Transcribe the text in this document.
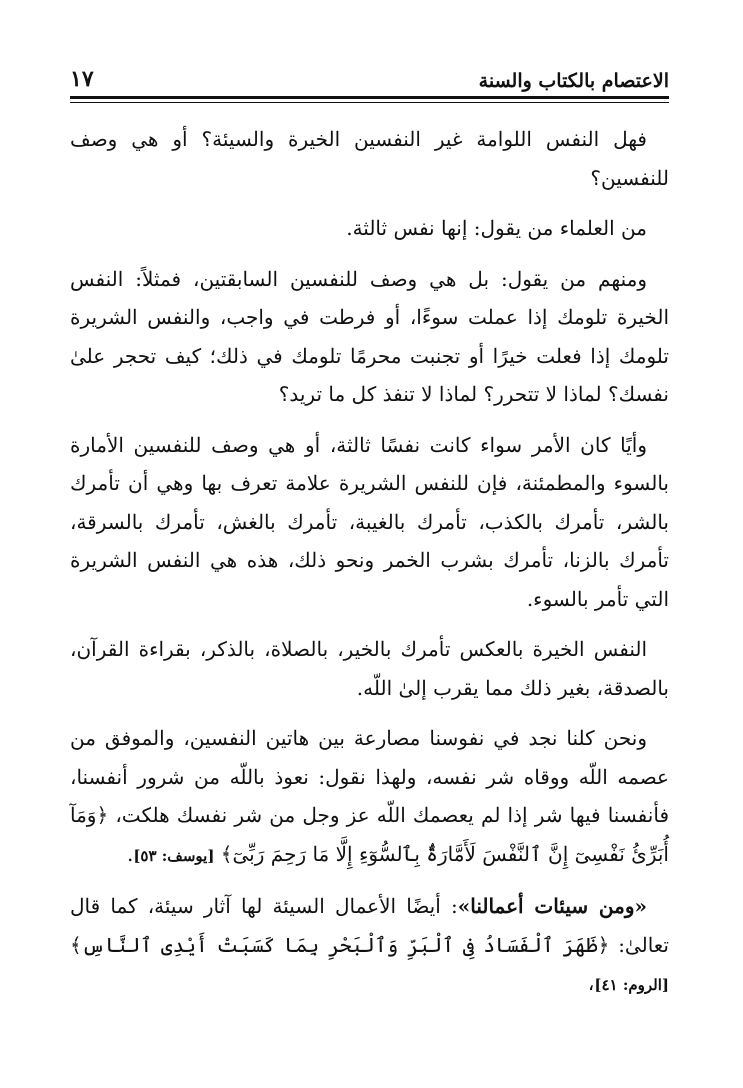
الاعتصام بالكتاب والسنة
١٧

فهل النفس اللوامة غير النفسين الخيرة والسيئة؟ أو هي وصف للنفسين؟

من العلماء من يقول: إنها نفس ثالثة.

ومنهم من يقول: بل هي وصف للنفسين السابقتين، فمثلاً: النفس الخيرة تلومك إذا عملت سوءًا، أو فرطت في واجب، والنفس الشريرة تلومك إذا فعلت خيرًا أو تجنبت محرمًا تلومك في ذلك؛ كيف تحجر علىٰ نفسك؟ لماذا لا تتحرر؟ لماذا لا تنفذ كل ما تريد؟

وأيًا كان الأمر سواء كانت نفسًا ثالثة، أو هي وصف للنفسين الأمارة بالسوء والمطمئنة، فإن للنفس الشريرة علامة تعرف بها وهي أن تأمرك بالشر، تأمرك بالكذب، تأمرك بالغيبة، تأمرك بالغش، تأمرك بالسرقة، تأمرك بالزنا، تأمرك بشرب الخمر ونحو ذلك، هذه هي النفس الشريرة التي تأمر بالسوء.

النفس الخيرة بالعكس تأمرك بالخير، بالصلاة، بالذكر، بقراءة القرآن، بالصدقة، بغير ذلك مما يقرب إلىٰ اللّه.

ونحن كلنا نجد في نفوسنا مصارعة بين هاتين النفسين، والموفق من عصمه اللّه ووقاه شر نفسه، ولهذا نقول: نعوذ باللّه من شرور أنفسنا، فأنفسنا فيها شر إذا لم يعصمك اللّه عز وجل من شر نفسك هلكت، ﴿وَمَآ أُبَرِّئُ نَفْسِىٓ إِنَّ ٱلنَّفْسَ لَأَمَّارَةٌۢ بِٱلسُّوٓءِ إِلَّا مَا رَحِمَ رَبِّىٓ﴾ [يوسف: ٥٣].

«ومن سيئات أعمالنا»: أيضًا الأعمال السيئة لها آثار سيئة، كما قال تعالىٰ: ﴿ظَهَرَ ٱلْفَسَادُ فِى ٱلْبَرِّ وَٱلْبَحْرِ بِمَا كَسَبَتْ أَيْدِى ٱلنَّاسِ﴾ [الروم: ٤١]،
